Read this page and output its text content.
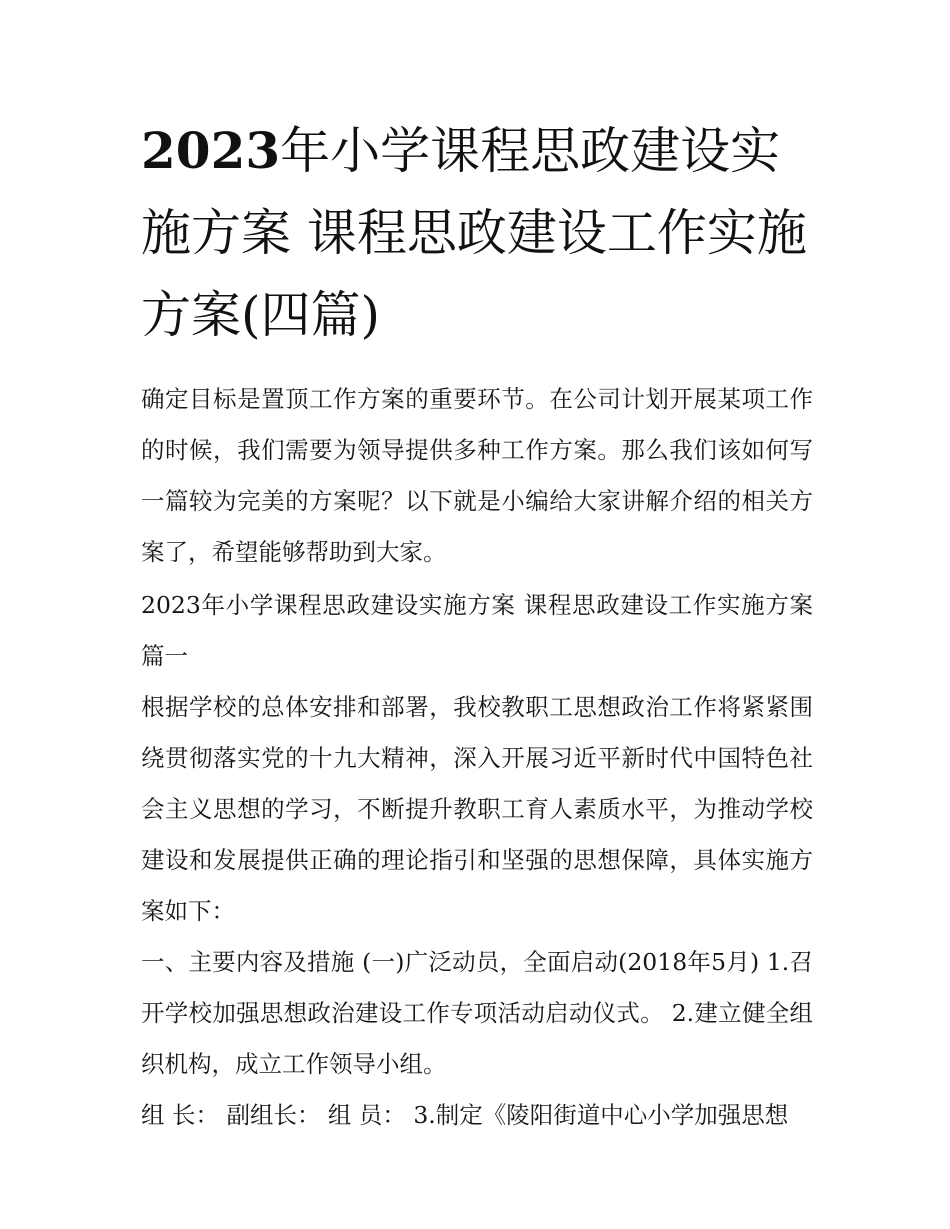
2023年小学课程思政建设实施方案 课程思政建设工作实施方案(四篇)

确定目标是置顶工作方案的重要环节。在公司计划开展某项工作的时候，我们需要为领导提供多种工作方案。那么我们该如何写一篇较为完美的方案呢？以下就是小编给大家讲解介绍的相关方案了，希望能够帮助到大家。

2023年小学课程思政建设实施方案 课程思政建设工作实施方案篇一

根据学校的总体安排和部署，我校教职工思想政治工作将紧紧围绕贯彻落实党的十九大精神，深入开展习近平新时代中国特色社会主义思想的学习，不断提升教职工育人素质水平，为推动学校建设和发展提供正确的理论指引和坚强的思想保障，具体实施方案如下：

一、主要内容及措施 (一)广泛动员，全面启动(2018年5月) 1.召开学校加强思想政治建设工作专项活动启动仪式。 2.建立健全组织机构，成立工作领导小组。

组 长： 副组长： 组 员： 3.制定《陵阳街道中心小学加强思想
